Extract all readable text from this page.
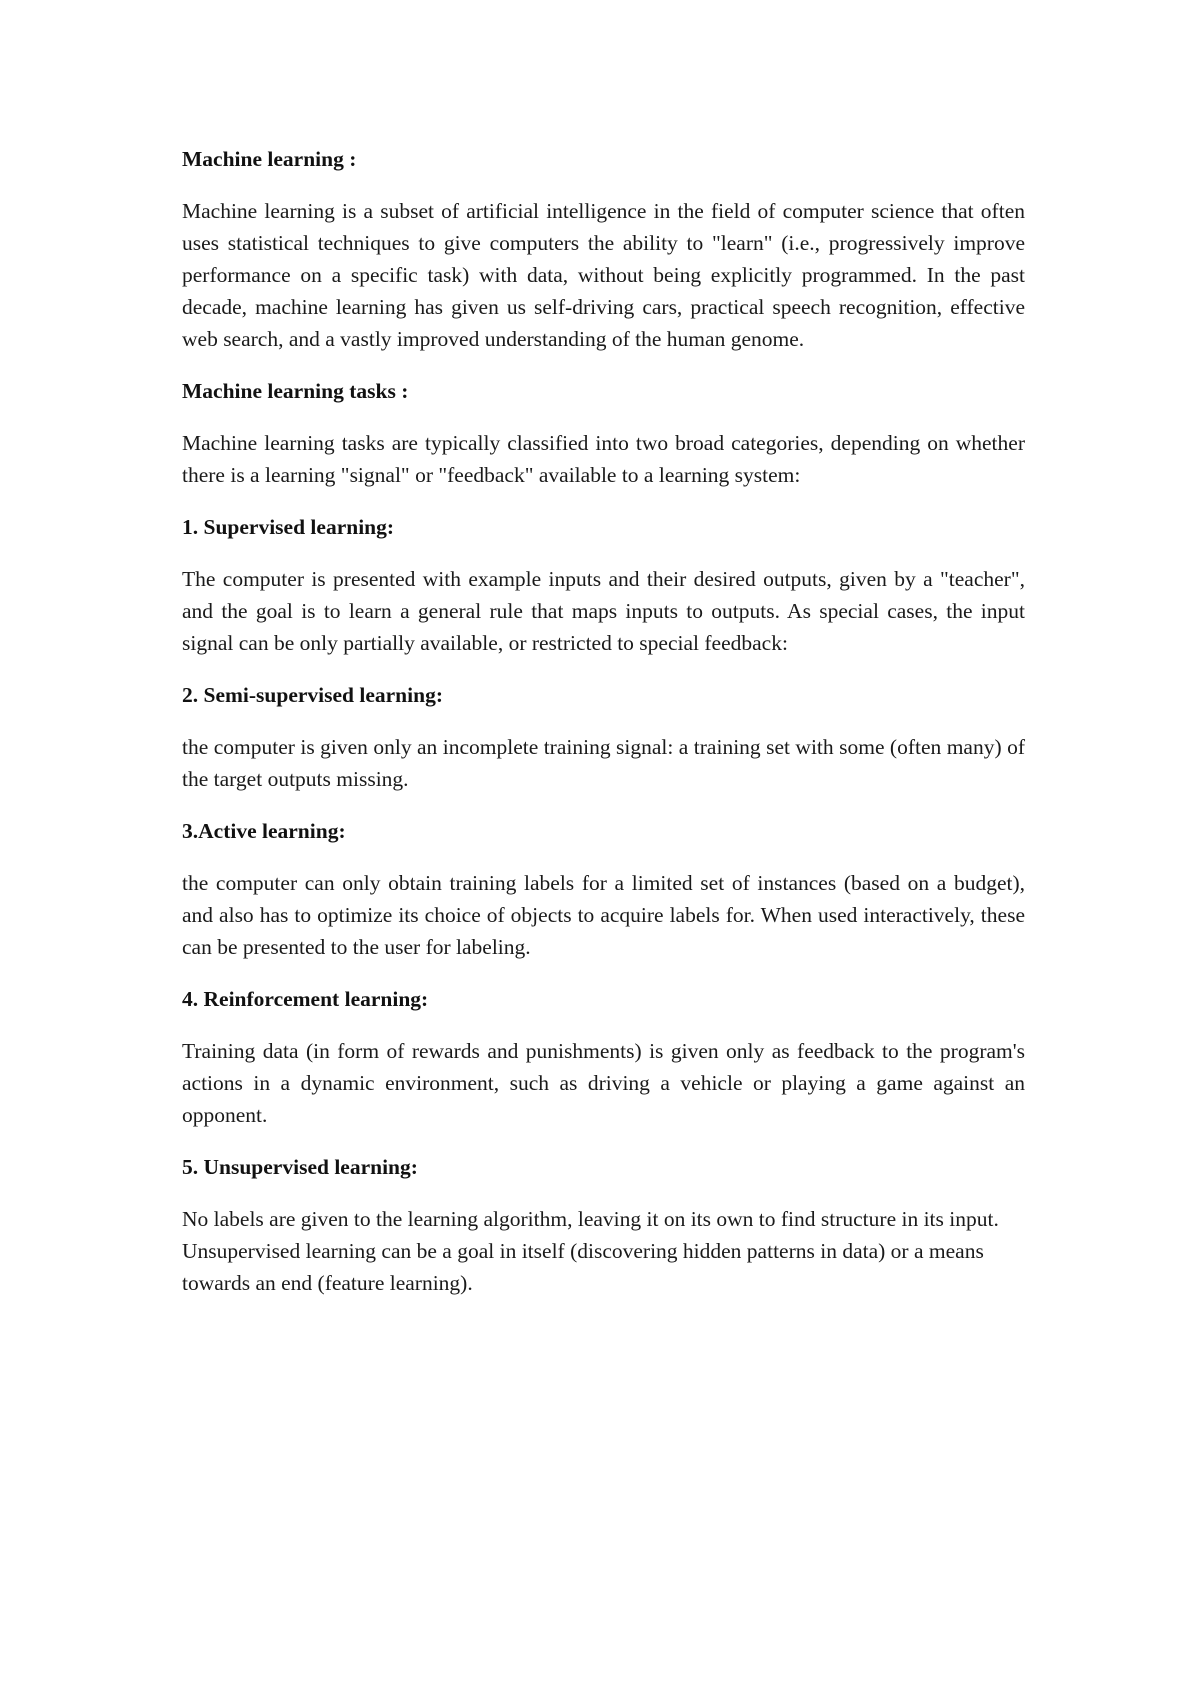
Machine learning :

Machine learning is a subset of artificial intelligence in the field of computer science that often uses statistical techniques to give computers the ability to "learn" (i.e., progressively improve performance on a specific task) with data, without being explicitly programmed. In the past decade, machine learning has given us self-driving cars, practical speech recognition, effective web search, and a vastly improved understanding of the human genome.

Machine learning tasks :

Machine learning tasks are typically classified into two broad categories, depending on whether there is a learning "signal" or "feedback" available to a learning system:

1. Supervised learning:

The computer is presented with example inputs and their desired outputs, given by a "teacher", and the goal is to learn a general rule that maps inputs to outputs. As special cases, the input signal can be only partially available, or restricted to special feedback:

2. Semi-supervised learning:

the computer is given only an incomplete training signal: a training set with some (often many) of the target outputs missing.

3.Active learning:

the computer can only obtain training labels for a limited set of instances (based on a budget), and also has to optimize its choice of objects to acquire labels for. When used interactively, these can be presented to the user for labeling.

4. Reinforcement learning:

Training data (in form of rewards and punishments) is given only as feedback to the program's actions in a dynamic environment, such as driving a vehicle or playing a game against an opponent.

5. Unsupervised learning:

No labels are given to the learning algorithm, leaving it on its own to find structure in its input. Unsupervised learning can be a goal in itself (discovering hidden patterns in data) or a means towards an end (feature learning).
